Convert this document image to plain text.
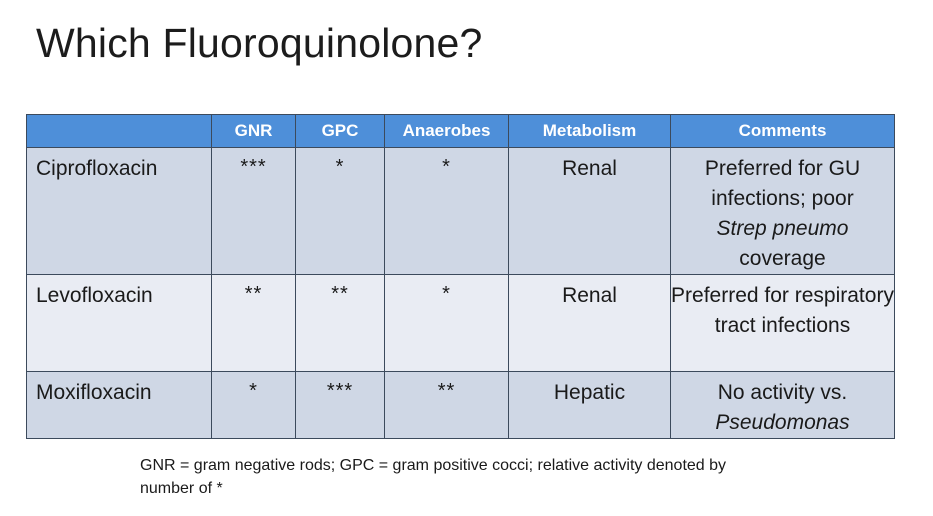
Which Fluoroquinolone?
	GNR	GPC	Anaerobes	Metabolism	Comments
Ciprofloxacin	***	*	*	Renal	Preferred for GU infections; poor
Strep pneumo
coverage
Levofloxacin	**	**	*	Renal	Preferred for respiratory tract infections
Moxifloxacin	*	***	**	Hepatic	No activity vs.
Pseudomonas
GNR = gram negative rods; GPC = gram positive cocci; relative activity denoted by number of *
